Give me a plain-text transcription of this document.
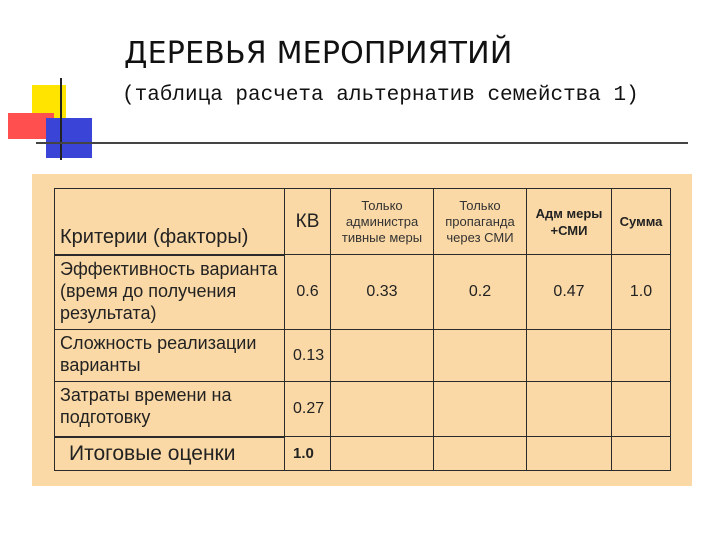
ДЕРЕВЬЯ МЕРОПРИЯТИЙ
(таблица расчета альтернатив семейства 1)
Критерии (факторы)	КВ	Только администра тивные меры	Только пропаганда через СМИ	Адм меры +СМИ	Сумма
Эффективность варианта (время до получения результата)	0.6	0.33	0.2	0.47	1.0
Сложность реализации варианты	0.13				
Затраты времени на подготовку	0.27				
Итоговые оценки	1.0				
